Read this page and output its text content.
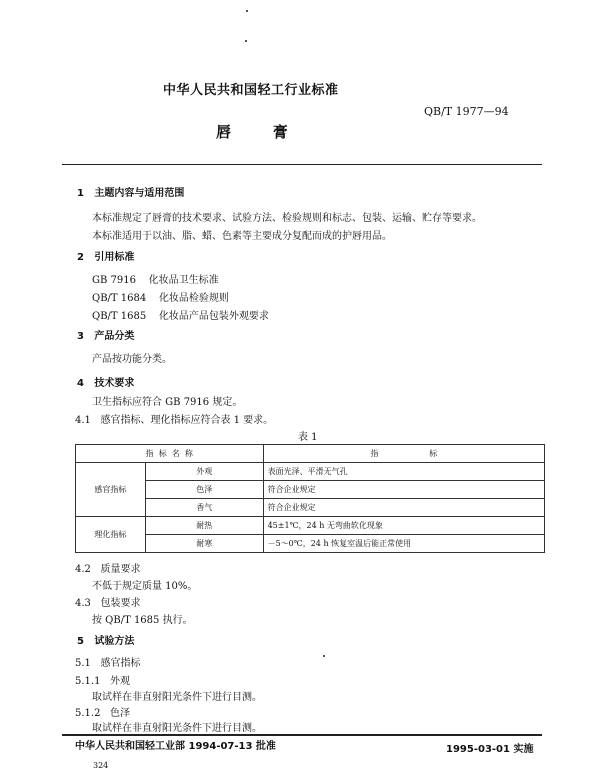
中华人民共和国轻工行业标准
QB/T 1977—94
唇        膏
1   主题内容与适用范围
本标准规定了唇膏的技术要求、试验方法、检验规则和标志、包装、运输、贮存等要求。
本标准适用于以油、脂、蜡、色素等主要成分复配而成的护唇用品。
2   引用标准
GB 7916    化妆品卫生标准
QB/T 1684    化妆品检验规则
QB/T 1685    化妆品产品包装外观要求
3   产品分类
产品按功能分类。
4   技术要求
卫生指标应符合 GB 7916 规定。
4.1   感官指标、理化指标应符合表 1 要求。
表 1
指  标  名  称		指                    标
感官指标	外观	表面光泽、平滑无气孔
	色泽	符合企业规定
	香气	符合企业规定
理化指标	耐热	45±1℃，24 h 无弯曲软化现象
	耐寒	－5～0℃，24 h 恢复室温后能正常使用
4.2   质量要求
不低于规定质量 10%。
4.3   包装要求
按 QB/T 1685 执行。
5   试验方法
5.1   感官指标
5.1.1   外观
取试样在非直射阳光条件下进行目测。
5.1.2   色泽
取试样在非直射阳光条件下进行目测。
中华人民共和国轻工业部 1994-07-13 批准	1995-03-01 实施
324
